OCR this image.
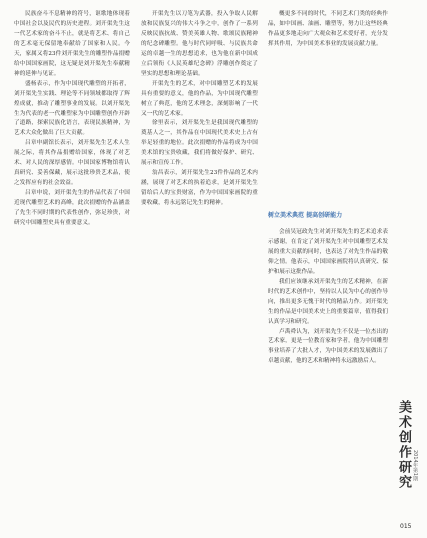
民族奋斗不息精神的符号，讴歌地体现着中国社会以及民代的历史进程。刘开渠先生这一代艺术家的奋斗不止，就是将艺术、将自己的艺术毫无保留地奉献给了国家和人民。今天，家属又将23件刘开渠先生的雕塑作品捐赠给中国国家画院，这无疑是刘开渠先生奉献精神的延伸与见证。

盛杨表示，作为中国现代雕塑的开拓者，刘开渠先生实践、理论等不同领域都取得了辉煌成就，推动了雕塑事业的发展。以刘开渠先生为代表的老一代雕塑家为中国雕塑创作开辟了道路，探索民族化语言，表现民族精神，为艺术大众化做出了巨大贡献。

吕章申副馆长表示，刘开渠先生艺术人生展之际，将其作品捐赠给国家，体现了对艺术、对人民的深厚感情。中国国家博物馆将认真研究、妥善保藏，展示这批珍贵艺术品，使之发挥应有的社会效益。

吕章申说，刘开渠先生的作品代表了中国近现代雕塑艺术的高峰，此次捐赠的作品涵盖了先生不同时期的代表性创作，弥足珍贵，对研究中国雕塑史具有重要意义。

开渠先生以刀笔为武器，投入争取人民解放和民族复兴的伟大斗争之中，创作了一系列反映民族抗战、赞美英雄人物、歌颂民族精神的纪念碑雕塑。他与时代同呼吸、与民族共命运的卓越一生的思想追求，也为他在新中国成立后领衔《人民英雄纪念碑》浮雕创作奠定了坚实的思想和理论基础。

开渠先生的艺术，对中国雕塑艺术的发展具有重要的意义，他的作品，为中国现代雕塑树立了典范，他的艺术理念，深刻影响了一代又一代的艺术家。

徐里表示，刘开渠先生是我国现代雕塑的奠基人之一，其作品在中国现代美术史上占有举足轻重的地位。此次捐赠的作品将成为中国美术馆的宝贵收藏，我们将做好保护、研究、展示和宣传工作。

翁昌表示，刘开渠先生23件作品的艺术内涵，展现了对艺术的执着追求，是刘开渠先生留给后人的宝贵财富，作为中国国家画院的重要收藏，将永远铭记先生的精神。

概更多不同的时代，不同艺术门类的经典作品，如中国画、油画、雕塑等，努力让这些经典作品更多地走向广大观众和艺术爱好者，充分发挥其作用，为中国美术事业的发展贡献力量。

树立美术典范 提高创研能力

会前吴冠政先生对刘开渠先生的艺术追求表示感谢，在肯定了刘开渠先生对中国雕塑艺术发展的重大贡献的同时，也表达了对先生作品的敬仰之情。他表示，中国国家画院将认真研究、保护和展示这批作品。

我们应该继承刘开渠先生的艺术精神，在新时代的艺术创作中，坚持以人民为中心的创作导向，推出更多无愧于时代的精品力作。刘开渠先生的作品是中国美术史上的重要篇章，值得我们认真学习和研究。

卢禹舜认为，刘开渠先生不仅是一位杰出的艺术家，更是一位教育家和学者，他为中国雕塑事业培养了大批人才，为中国美术的发展做出了卓越贡献，他的艺术和精神将永远激励后人。

美术创作研究 2014年第1期
015
